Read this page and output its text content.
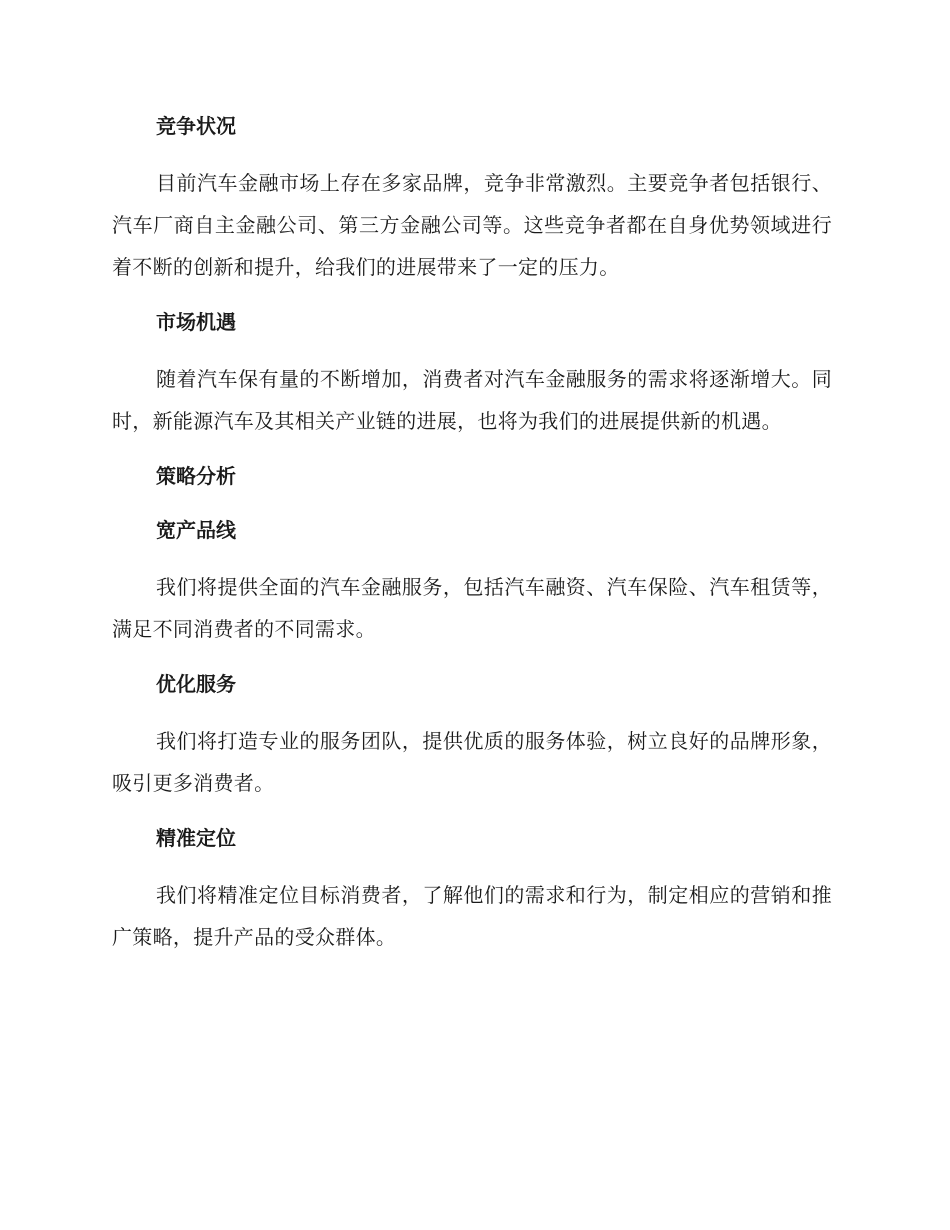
竞争状况

目前汽车金融市场上存在多家品牌，竞争非常激烈。主要竞争者包括银行、汽车厂商自主金融公司、第三方金融公司等。这些竞争者都在自身优势领域进行着不断的创新和提升，给我们的进展带来了一定的压力。

市场机遇

随着汽车保有量的不断增加，消费者对汽车金融服务的需求将逐渐增大。同时，新能源汽车及其相关产业链的进展，也将为我们的进展提供新的机遇。

策略分析
宽产品线

我们将提供全面的汽车金融服务，包括汽车融资、汽车保险、汽车租赁等，满足不同消费者的不同需求。

优化服务

我们将打造专业的服务团队，提供优质的服务体验，树立良好的品牌形象，吸引更多消费者。

精准定位

我们将精准定位目标消费者，了解他们的需求和行为，制定相应的营销和推广策略，提升产品的受众群体。
